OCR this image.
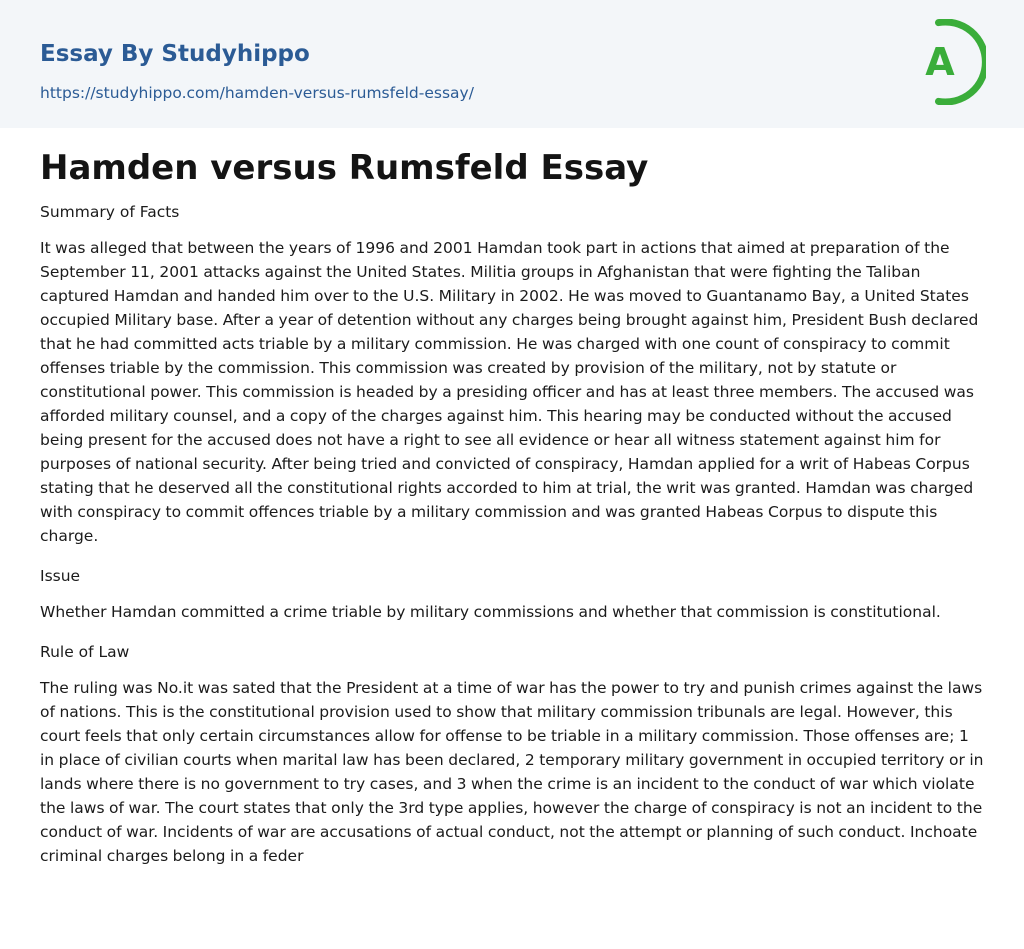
Essay By Studyhippo
https://studyhippo.com/hamden-versus-rumsfeld-essay/
A
Hamden versus Rumsfeld Essay
Summary of Facts

It was alleged that between the years of 1996 and 2001 Hamdan took part in actions that aimed at preparation of the September 11, 2001 attacks against the United States. Militia groups in Afghanistan that were fighting the Taliban captured Hamdan and handed him over to the U.S. Military in 2002. He was moved to Guantanamo Bay, a United States occupied Military base. After a year of detention without any charges being brought against him, President Bush declared that he had committed acts triable by a military commission. He was charged with one count of conspiracy to commit offenses triable by the commission. This commission was created by provision of the military, not by statute or constitutional power. This commission is headed by a presiding officer and has at least three members. The accused was afforded military counsel, and a copy of the charges against him. This hearing may be conducted without the accused being present for the accused does not have a right to see all evidence or hear all witness statement against him for purposes of national security. After being tried and convicted of conspiracy, Hamdan applied for a writ of Habeas Corpus stating that he deserved all the constitutional rights accorded to him at trial, the writ was granted. Hamdan was charged with conspiracy to commit offences triable by a military commission and was granted Habeas Corpus to dispute this charge.

Issue

Whether Hamdan committed a crime triable by military commissions and whether that commission is constitutional.

Rule of Law

The ruling was No.it was sated that the President at a time of war has the power to try and punish crimes against the laws of nations. This is the constitutional provision used to show that military commission tribunals are legal. However, this court feels that only certain circumstances allow for offense to be triable in a military commission. Those offenses are; 1 in place of civilian courts when marital law has been declared, 2 temporary military government in occupied territory or in lands where there is no government to try cases, and 3 when the crime is an incident to the conduct of war which violate the laws of war. The court states that only the 3rd type applies, however the charge of conspiracy is not an incident to the conduct of war. Incidents of war are accusations of actual conduct, not the attempt or planning of such conduct. Inchoate criminal charges belong in a feder
